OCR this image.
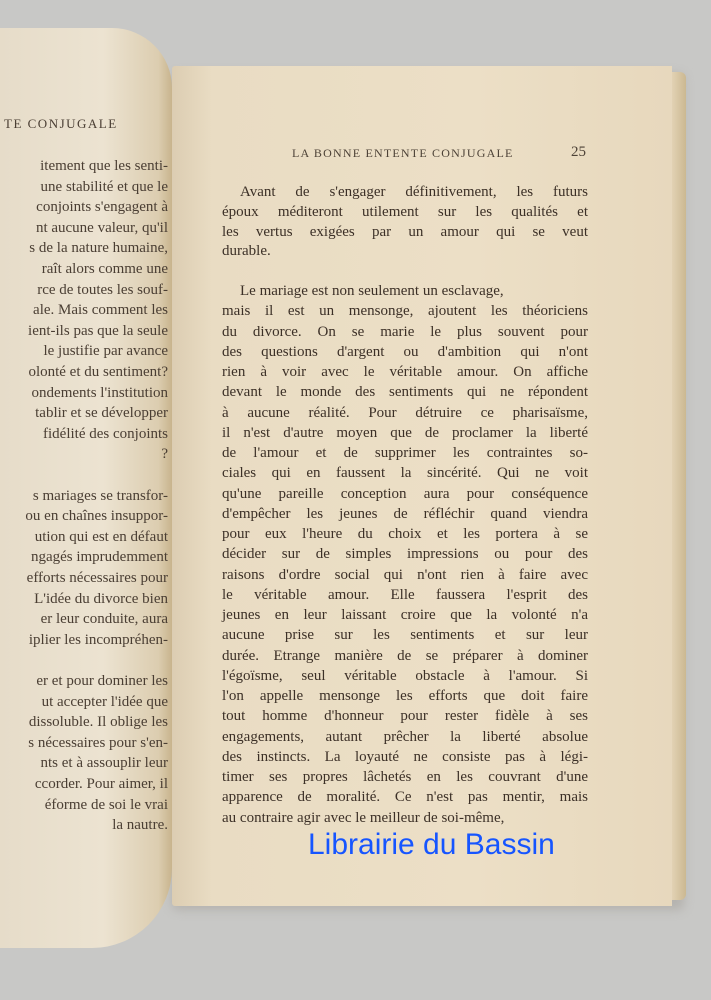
TE CONJUGALE
itement que les senti-
une stabilité et que le
conjoints s'engagent à
nt aucune valeur, qu'il
s de la nature humaine,
raît alors comme une
rce de toutes les souf-
ale. Mais comment les
ient-ils pas que la seule
le justifie par avance
olonté et du sentiment?
ondements l'institution
tablir et se développer
fidélité des conjoints
?
s mariages se transfor-
ou en chaînes insuppor-
ution qui est en défaut
ngagés imprudemment
efforts nécessaires pour
L'idée du divorce bien
er leur conduite, aura
iplier les incompréhen-
er et pour dominer les
ut accepter l'idée que
dissoluble. Il oblige les
s nécessaires pour s'en-
nts et à assouplir leur
ccorder. Pour aimer, il
éforme de soi le vrai
la nautre.
LA BONNE ENTENTE CONJUGALE	25
Avant de s'engager définitivement, les futurs
époux méditeront utilement sur les qualités et
les vertus exigées par un amour qui se veut
durable.
Le mariage est non seulement un esclavage,
mais il est un mensonge, ajoutent les théoriciens
du divorce. On se marie le plus souvent pour
des questions d'argent ou d'ambition qui n'ont
rien à voir avec le véritable amour. On affiche
devant le monde des sentiments qui ne répondent
à aucune réalité. Pour détruire ce pharisaïsme,
il n'est d'autre moyen que de proclamer la liberté
de l'amour et de supprimer les contraintes so-
ciales qui en faussent la sincérité. Qui ne voit
qu'une pareille conception aura pour conséquence
d'empêcher les jeunes de réfléchir quand viendra
pour eux l'heure du choix et les portera à se
décider sur de simples impressions ou pour des
raisons d'ordre social qui n'ont rien à faire avec
le véritable amour. Elle faussera l'esprit des
jeunes en leur laissant croire que la volonté n'a
aucune prise sur les sentiments et sur leur
durée. Etrange manière de se préparer à dominer
l'égoïsme, seul véritable obstacle à l'amour. Si
l'on appelle mensonge les efforts que doit faire
tout homme d'honneur pour rester fidèle à ses
engagements, autant prêcher la liberté absolue
des instincts. La loyauté ne consiste pas à légi-
timer ses propres lâchetés en les couvrant d'une
apparence de moralité. Ce n'est pas mentir, mais
au contraire agir avec le meilleur de soi-même,
Librairie du Bassin
